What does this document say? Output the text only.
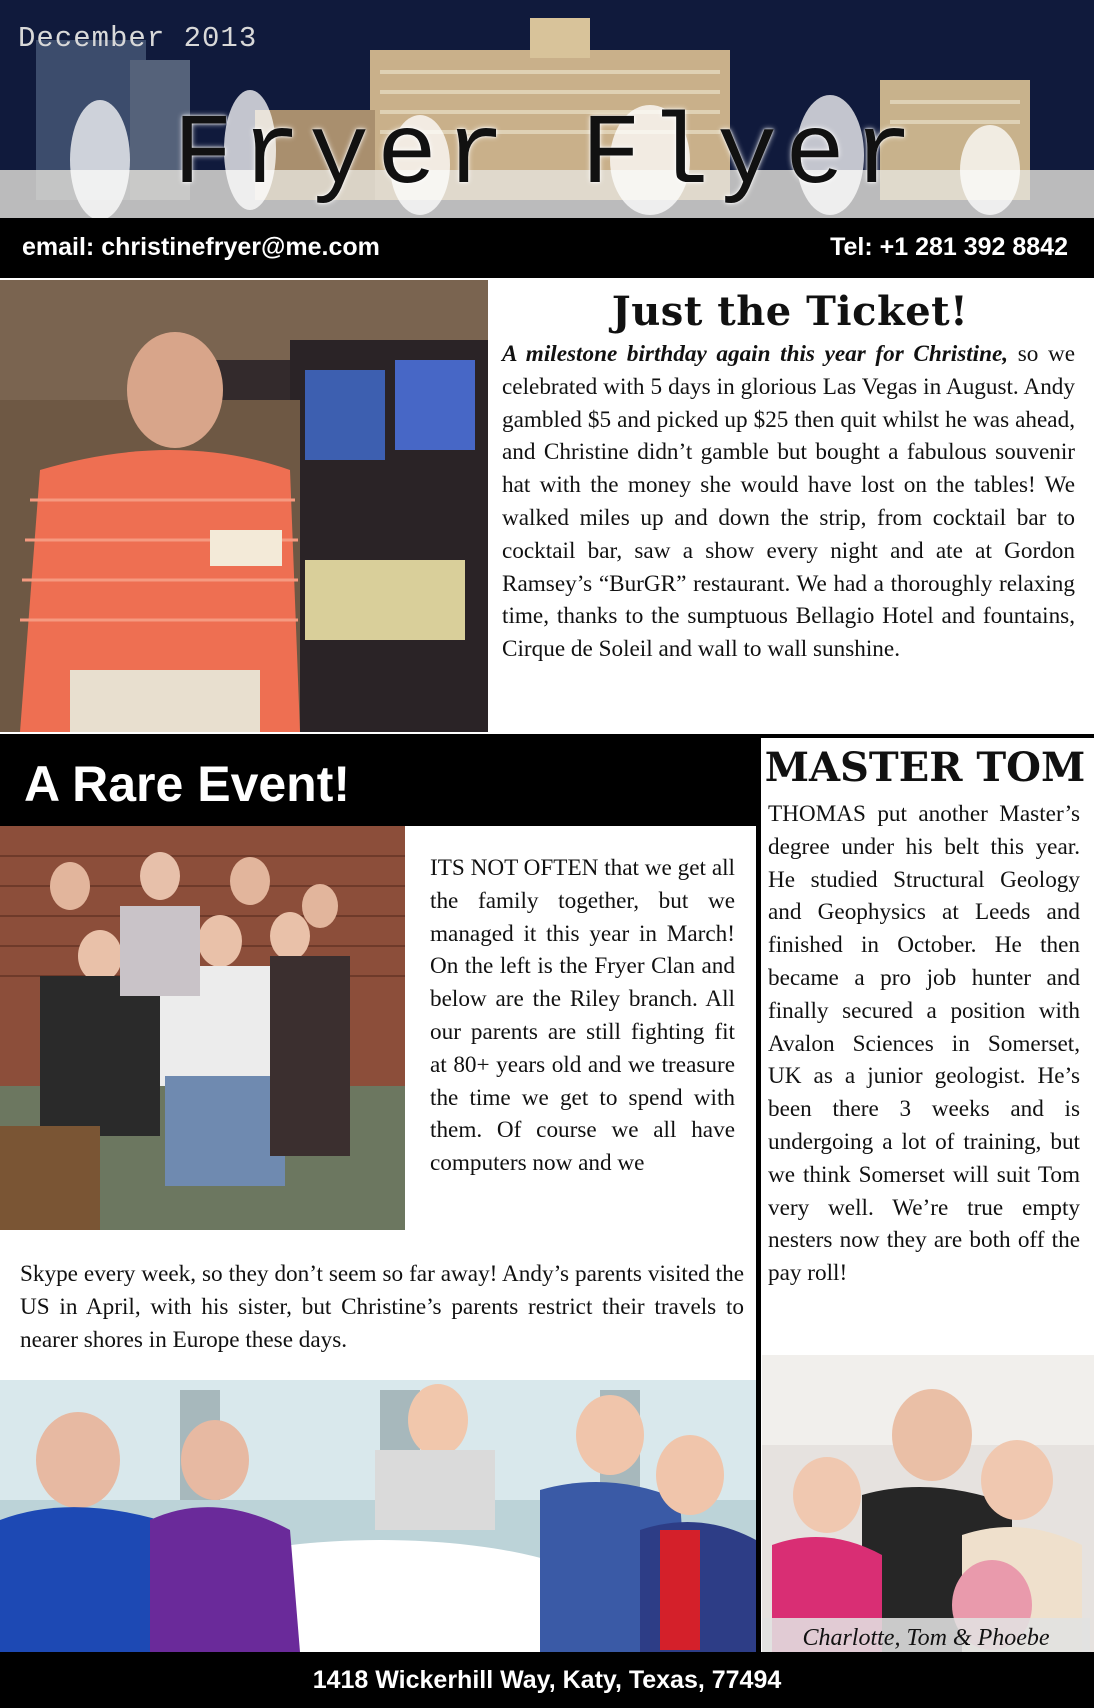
December 2013
Fryer Flyer
email: christinefryer@me.com	Tel: +1 281 392 8842
Just the Ticket!
A milestone birthday again this year for Christine, so we celebrated with 5 days in glorious Las Vegas in August. Andy gambled $5 and picked up $25 then quit whilst he was ahead, and Christine didn’t gamble but bought a fabulous souvenir hat with the money she would have lost on the tables! We walked miles up and down the strip, from cocktail bar to cocktail bar, saw a show every night and ate at Gordon Ramsey’s “BurGR” restaurant. We had a thoroughly relaxing time, thanks to the sumptuous Bellagio Hotel and fountains, Cirque de Soleil and wall to wall sunshine.
A Rare Event!
ITS NOT OFTEN that we get all the family together, but we managed it this year in March! On the left is the Fryer Clan and below are the Riley branch. All our parents are still fighting fit at 80+ years old and we treasure the time we get to spend with them. Of course we all have computers now and we
Skype every week, so they don’t seem so far away! Andy’s parents visited the US in April, with his sister, but Christine’s parents restrict their travels to nearer shores in Europe these days.
MASTER TOM
THOMAS put another Master’s degree under his belt this year. He studied Structural Geology and Geophysics at Leeds and finished in October. He then became a pro job hunter and finally secured a position with Avalon Sciences in Somerset, UK as a junior geologist. He’s been there 3 weeks and is undergoing a lot of training, but we think Somerset will suit Tom very well. We’re true empty nesters now they are both off the pay roll!
Charlotte, Tom & Phoebe
1418 Wickerhill Way, Katy, Texas, 77494
